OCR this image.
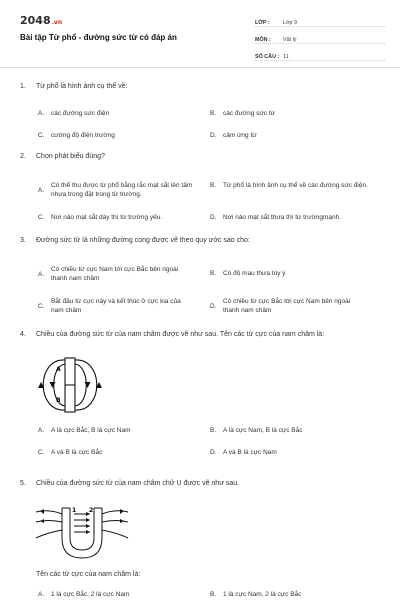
2048.vn
Bài tập Từ phổ - đường sức từ có đáp án
LỚP :	Lớp 9
MÔN :	Vật lý
SỐ CÂU : 11
1.	Từ phổ là hình ảnh cụ thể về:
A.	các đường sức điện	B.	các đường sức từ
C.	cường độ điện trường	D.	cảm ứng từ
2.	Chọn phát biểu đúng?
A.
Có thể thu được từ phổ bằng rắc mạt sắt lên tấm nhựa trong đặt trong từ trường.
B.	Từ phổ là hình ảnh cụ thể về các đường sức điện.
C.	Nơi nào mạt sắt dày thì từ trường yếu.	D.	Nơi nào mạt sắt thưa thì từ trườngmạnh.
3.	Đường sức từ là những đường cong được vẽ theo quy ước sao cho:
A.
Có chiều từ cực Nam tới cực Bắc bên ngoài thanh nam châm
B.	Có độ mau thưa tùy ý
C.
Bắt đầu từ cực này và kết thúc ở cực kia của nam châm
D.
Có chiều từ cực Bắc tới cực Nam bên ngoài thanh nam châm
4.	Chiều của đường sức từ của nam châm được vẽ như sau. Tên các từ cực của nam châm là:
A
B
A.	A là cực Bắc, B là cực Nam	B.	A là cực Nam, B là cực Bắc
C.	A và B là cực Bắc	D.	A và B là cực Nam
5.	Chiều của đường sức từ của nam châm chữ U được vẽ như sau.
1 2
Tên các từ cực của nam châm là:
A.	1 là cực Bắc, 2 là cực Nam	B.	1 là cực Nam, 2 là cực Bắc
